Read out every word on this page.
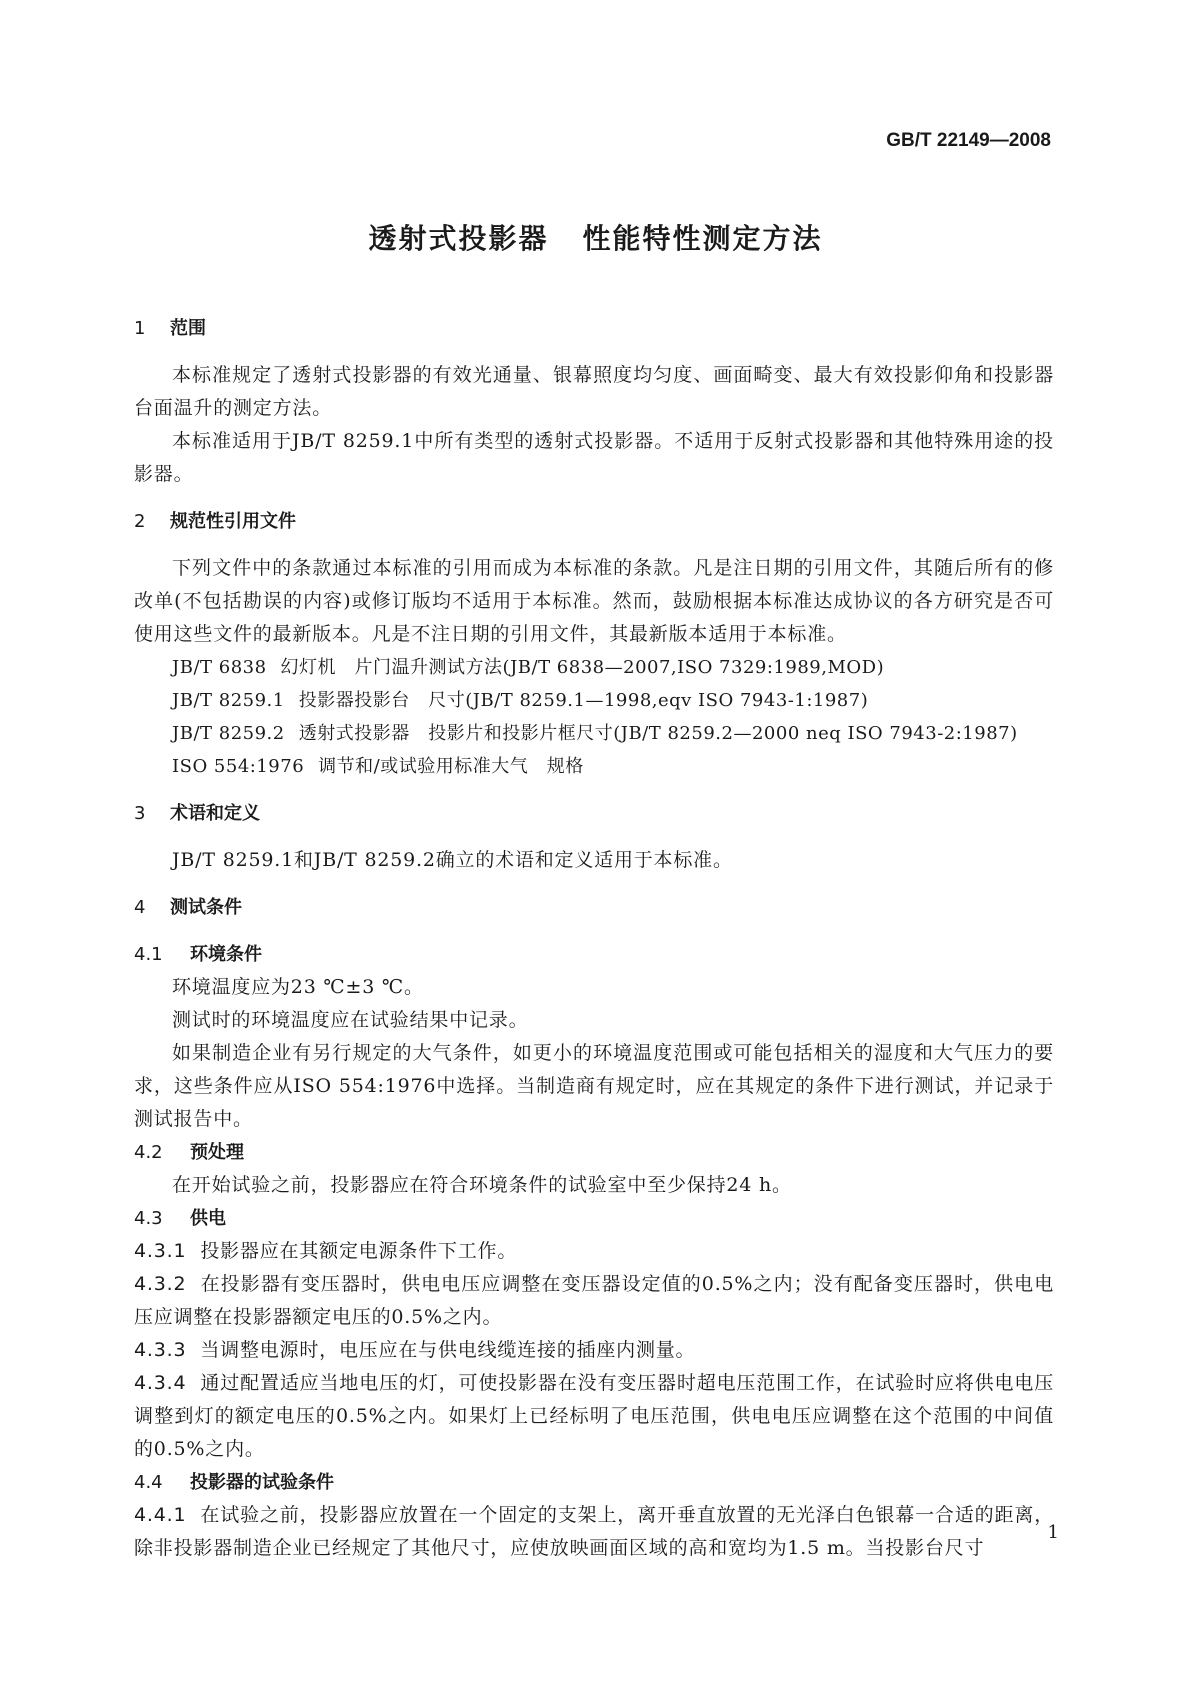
GB/T 22149—2008
透射式投影器 性能特性测定方法
1 范围

本标准规定了透射式投影器的有效光通量、银幕照度均匀度、画面畸变、最大有效投影仰角和投影器台面温升的测定方法。

本标准适用于JB/T 8259.1中所有类型的透射式投影器。不适用于反射式投影器和其他特殊用途的投影器。

2 规范性引用文件

下列文件中的条款通过本标准的引用而成为本标准的条款。凡是注日期的引用文件，其随后所有的修改单(不包括勘误的内容)或修订版均不适用于本标准。然而，鼓励根据本标准达成协议的各方研究是否可使用这些文件的最新版本。凡是不注日期的引用文件，其最新版本适用于本标准。

JB/T 6838 幻灯机　片门温升测试方法(JB/T 6838—2007,ISO 7329:1989,MOD)

JB/T 8259.1 投影器投影台　尺寸(JB/T 8259.1—1998,eqv ISO 7943-1:1987)

JB/T 8259.2 透射式投影器　投影片和投影片框尺寸(JB/T 8259.2—2000 neq ISO 7943-2:1987)

ISO 554:1976 调节和/或试验用标准大气　规格

3 术语和定义

JB/T 8259.1和JB/T 8259.2确立的术语和定义适用于本标准。

4 测试条件
4.1 环境条件

环境温度应为23 ℃±3 ℃。

测试时的环境温度应在试验结果中记录。

如果制造企业有另行规定的大气条件，如更小的环境温度范围或可能包括相关的湿度和大气压力的要求，这些条件应从ISO 554:1976中选择。当制造商有规定时，应在其规定的条件下进行测试，并记录于测试报告中。

4.2 预处理

在开始试验之前，投影器应在符合环境条件的试验室中至少保持24 h。

4.3 供电

4.3.1 投影器应在其额定电源条件下工作。

4.3.2 在投影器有变压器时，供电电压应调整在变压器设定值的0.5%之内；没有配备变压器时，供电电压应调整在投影器额定电压的0.5%之内。

4.3.3 当调整电源时，电压应在与供电线缆连接的插座内测量。

4.3.4 通过配置适应当地电压的灯，可使投影器在没有变压器时超电压范围工作，在试验时应将供电电压调整到灯的额定电压的0.5%之内。如果灯上已经标明了电压范围，供电电压应调整在这个范围的中间值的0.5%之内。

4.4 投影器的试验条件

4.4.1 在试验之前，投影器应放置在一个固定的支架上，离开垂直放置的无光泽白色银幕一合适的距离，除非投影器制造企业已经规定了其他尺寸，应使放映画面区域的高和宽均为1.5 m。当投影台尺寸

1
